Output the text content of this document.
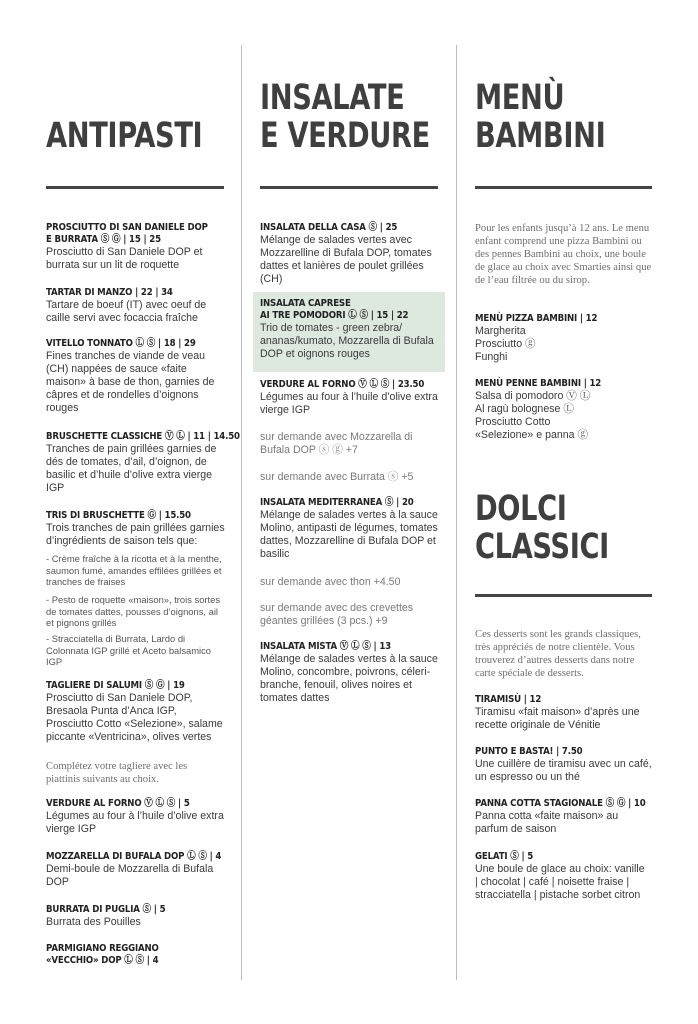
ANTIPASTI
PROSCIUTTO DI SAN DANIELE DOP
E BURRATA Ⓢ Ⓖ | 15 | 25
Prosciutto di San Daniele DOP et burrata sur un lit de roquette
TARTAR DI MANZO | 22 | 34
Tartare de boeuf (IT) avec oeuf de caille servi avec focaccia fraîche
VITELLO TONNATO Ⓛ Ⓢ | 18 | 29
Fines tranches de viande de veau (CH) nappées de sauce «faite maison» à base de thon, garnies de câpres et de rondelles d’oignons rouges
BRUSCHETTE CLASSICHE Ⓥ Ⓛ | 11 | 14.50
Tranches de pain grillées garnies de dés de tomates, d’ail, d’oignon, de basilic et d’huile d’olive extra vierge IGP
TRIS DI BRUSCHETTE Ⓖ | 15.50
Trois tranches de pain grillées garnies d’ingrédients de saison tels que:
- Crème fraîche à la ricotta et à la menthe, saumon fumé, amandes effilées grillées et tranches de fraises
- Pesto de roquette «maison», trois sortes de tomates dattes, pousses d’oignons, ail et pignons grillés
- Stracciatella di Burrata, Lardo di Colonnata IGP grillé et Aceto balsamico IGP
TAGLIERE DI SALUMI Ⓢ Ⓖ | 19
Prosciutto di San Daniele DOP, Bresaola Punta d’Anca IGP, Prosciutto Cotto «Selezione», salame piccante «Ventricina», olives vertes
Complétez votre tagliere avec les piattinis suivants au choix.
VERDURE AL FORNO Ⓥ Ⓛ Ⓢ | 5
Légumes au four à l’huile d’olive extra vierge IGP
MOZZARELLA DI BUFALA DOP Ⓛ Ⓢ | 4
Demi-boule de Mozzarella di Bufala DOP
BURRATA DI PUGLIA Ⓢ | 5
Burrata des Pouilles
PARMIGIANO REGGIANO
«VECCHIO» DOP Ⓛ Ⓢ | 4
INSALATE
E VERDURE
INSALATA DELLA CASA Ⓢ | 25
Mélange de salades vertes avec Mozzarelline di Bufala DOP, tomates dattes et lanières de poulet grillées (CH)
INSALATA CAPRESE
AI TRE POMODORI Ⓛ Ⓢ | 15 | 22
Trio de tomates - green zebra/ ananas/kumato, Mozzarella di Bufala DOP et oignons rouges
VERDURE AL FORNO Ⓥ Ⓛ Ⓢ | 23.50
Légumes au four à l’huile d’olive extra vierge IGP
sur demande avec Mozzarella di Bufala DOP ⓢ ⓖ +7
sur demande avec Burrata ⓢ +5
INSALATA MEDITERRANEA Ⓢ | 20
Mélange de salades vertes à la sauce Molino, antipasti de légumes, tomates dattes, Mozzarelline di Bufala DOP et basilic
sur demande avec thon +4.50
sur demande avec des crevettes géantes grillées (3 pcs.) +9
INSALATA MISTA Ⓥ Ⓛ Ⓢ | 13
Mélange de salades vertes à la sauce Molino, concombre, poivrons, céleri-branche, fenouil, olives noires et tomates dattes
MENÙ
BAMBINI
Pour les enfants jusqu’à 12 ans. Le menu enfant comprend une pizza Bambini ou des pennes Bambini au choix, une boule de glace au choix avec Smarties ainsi que de l’eau filtrée ou du sirop.
MENÙ PIZZA BAMBINI | 12
Margherita
Prosciutto ⓖ
Funghi
MENÙ PENNE BAMBINI | 12
Salsa di pomodoro Ⓥ Ⓛ
Al ragù bolognese Ⓛ
Prosciutto Cotto
«Selezione» e panna ⓖ
DOLCI
CLASSICI
Ces desserts sont les grands classiques, très appréciés de notre clientèle. Vous trouverez d’autres desserts dans notre carte spéciale de desserts.
TIRAMISÙ | 12
Tiramisu «fait maison» d’après une recette originale de Vénitie
PUNTO E BASTA! | 7.50
Une cuillère de tiramisu avec un café, un espresso ou un thé
PANNA COTTA STAGIONALE Ⓢ Ⓖ | 10
Panna cotta «faite maison» au parfum de saison
GELATI Ⓢ | 5
Une boule de glace au choix: vanille | chocolat | café | noisette fraise | stracciatella | pistache sorbet citron
